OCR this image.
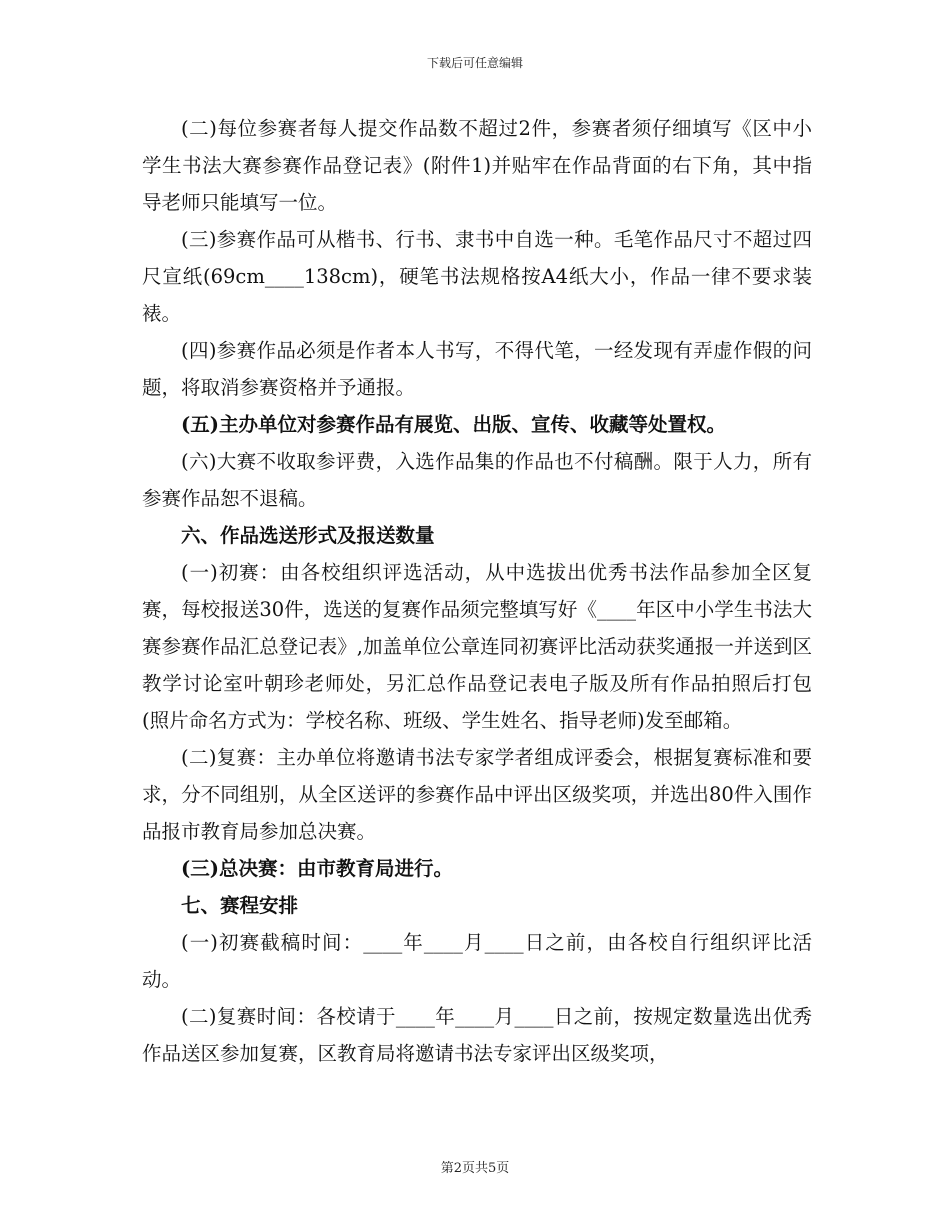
下载后可任意编辑

(二)每位参赛者每人提交作品数不超过2件，参赛者须仔细填写《区中小学生书法大赛参赛作品登记表》(附件1)并贴牢在作品背面的右下角，其中指导老师只能填写一位。

(三)参赛作品可从楷书、行书、隶书中自选一种。毛笔作品尺寸不超过四尺宣纸(69cm____138cm)，硬笔书法规格按A4纸大小，作品一律不要求装裱。

(四)参赛作品必须是作者本人书写，不得代笔，一经发现有弄虚作假的问题，将取消参赛资格并予通报。

(五)主办单位对参赛作品有展览、出版、宣传、收藏等处置权。

(六)大赛不收取参评费，入选作品集的作品也不付稿酬。限于人力，所有参赛作品恕不退稿。

六、作品选送形式及报送数量

(一)初赛：由各校组织评选活动，从中选拔出优秀书法作品参加全区复赛，每校报送30件，选送的复赛作品须完整填写好《____年区中小学生书法大赛参赛作品汇总登记表》,加盖单位公章连同初赛评比活动获奖通报一并送到区教学讨论室叶朝珍老师处，另汇总作品登记表电子版及所有作品拍照后打包(照片命名方式为：学校名称、班级、学生姓名、指导老师)发至邮箱。

(二)复赛：主办单位将邀请书法专家学者组成评委会，根据复赛标准和要求，分不同组别，从全区送评的参赛作品中评出区级奖项，并选出80件入围作品报市教育局参加总决赛。

(三)总决赛：由市教育局进行。

七、赛程安排

(一)初赛截稿时间：____年____月____日之前，由各校自行组织评比活动。

(二)复赛时间：各校请于____年____月____日之前，按规定数量选出优秀作品送区参加复赛，区教育局将邀请书法专家评出区级奖项，

第2页共5页
